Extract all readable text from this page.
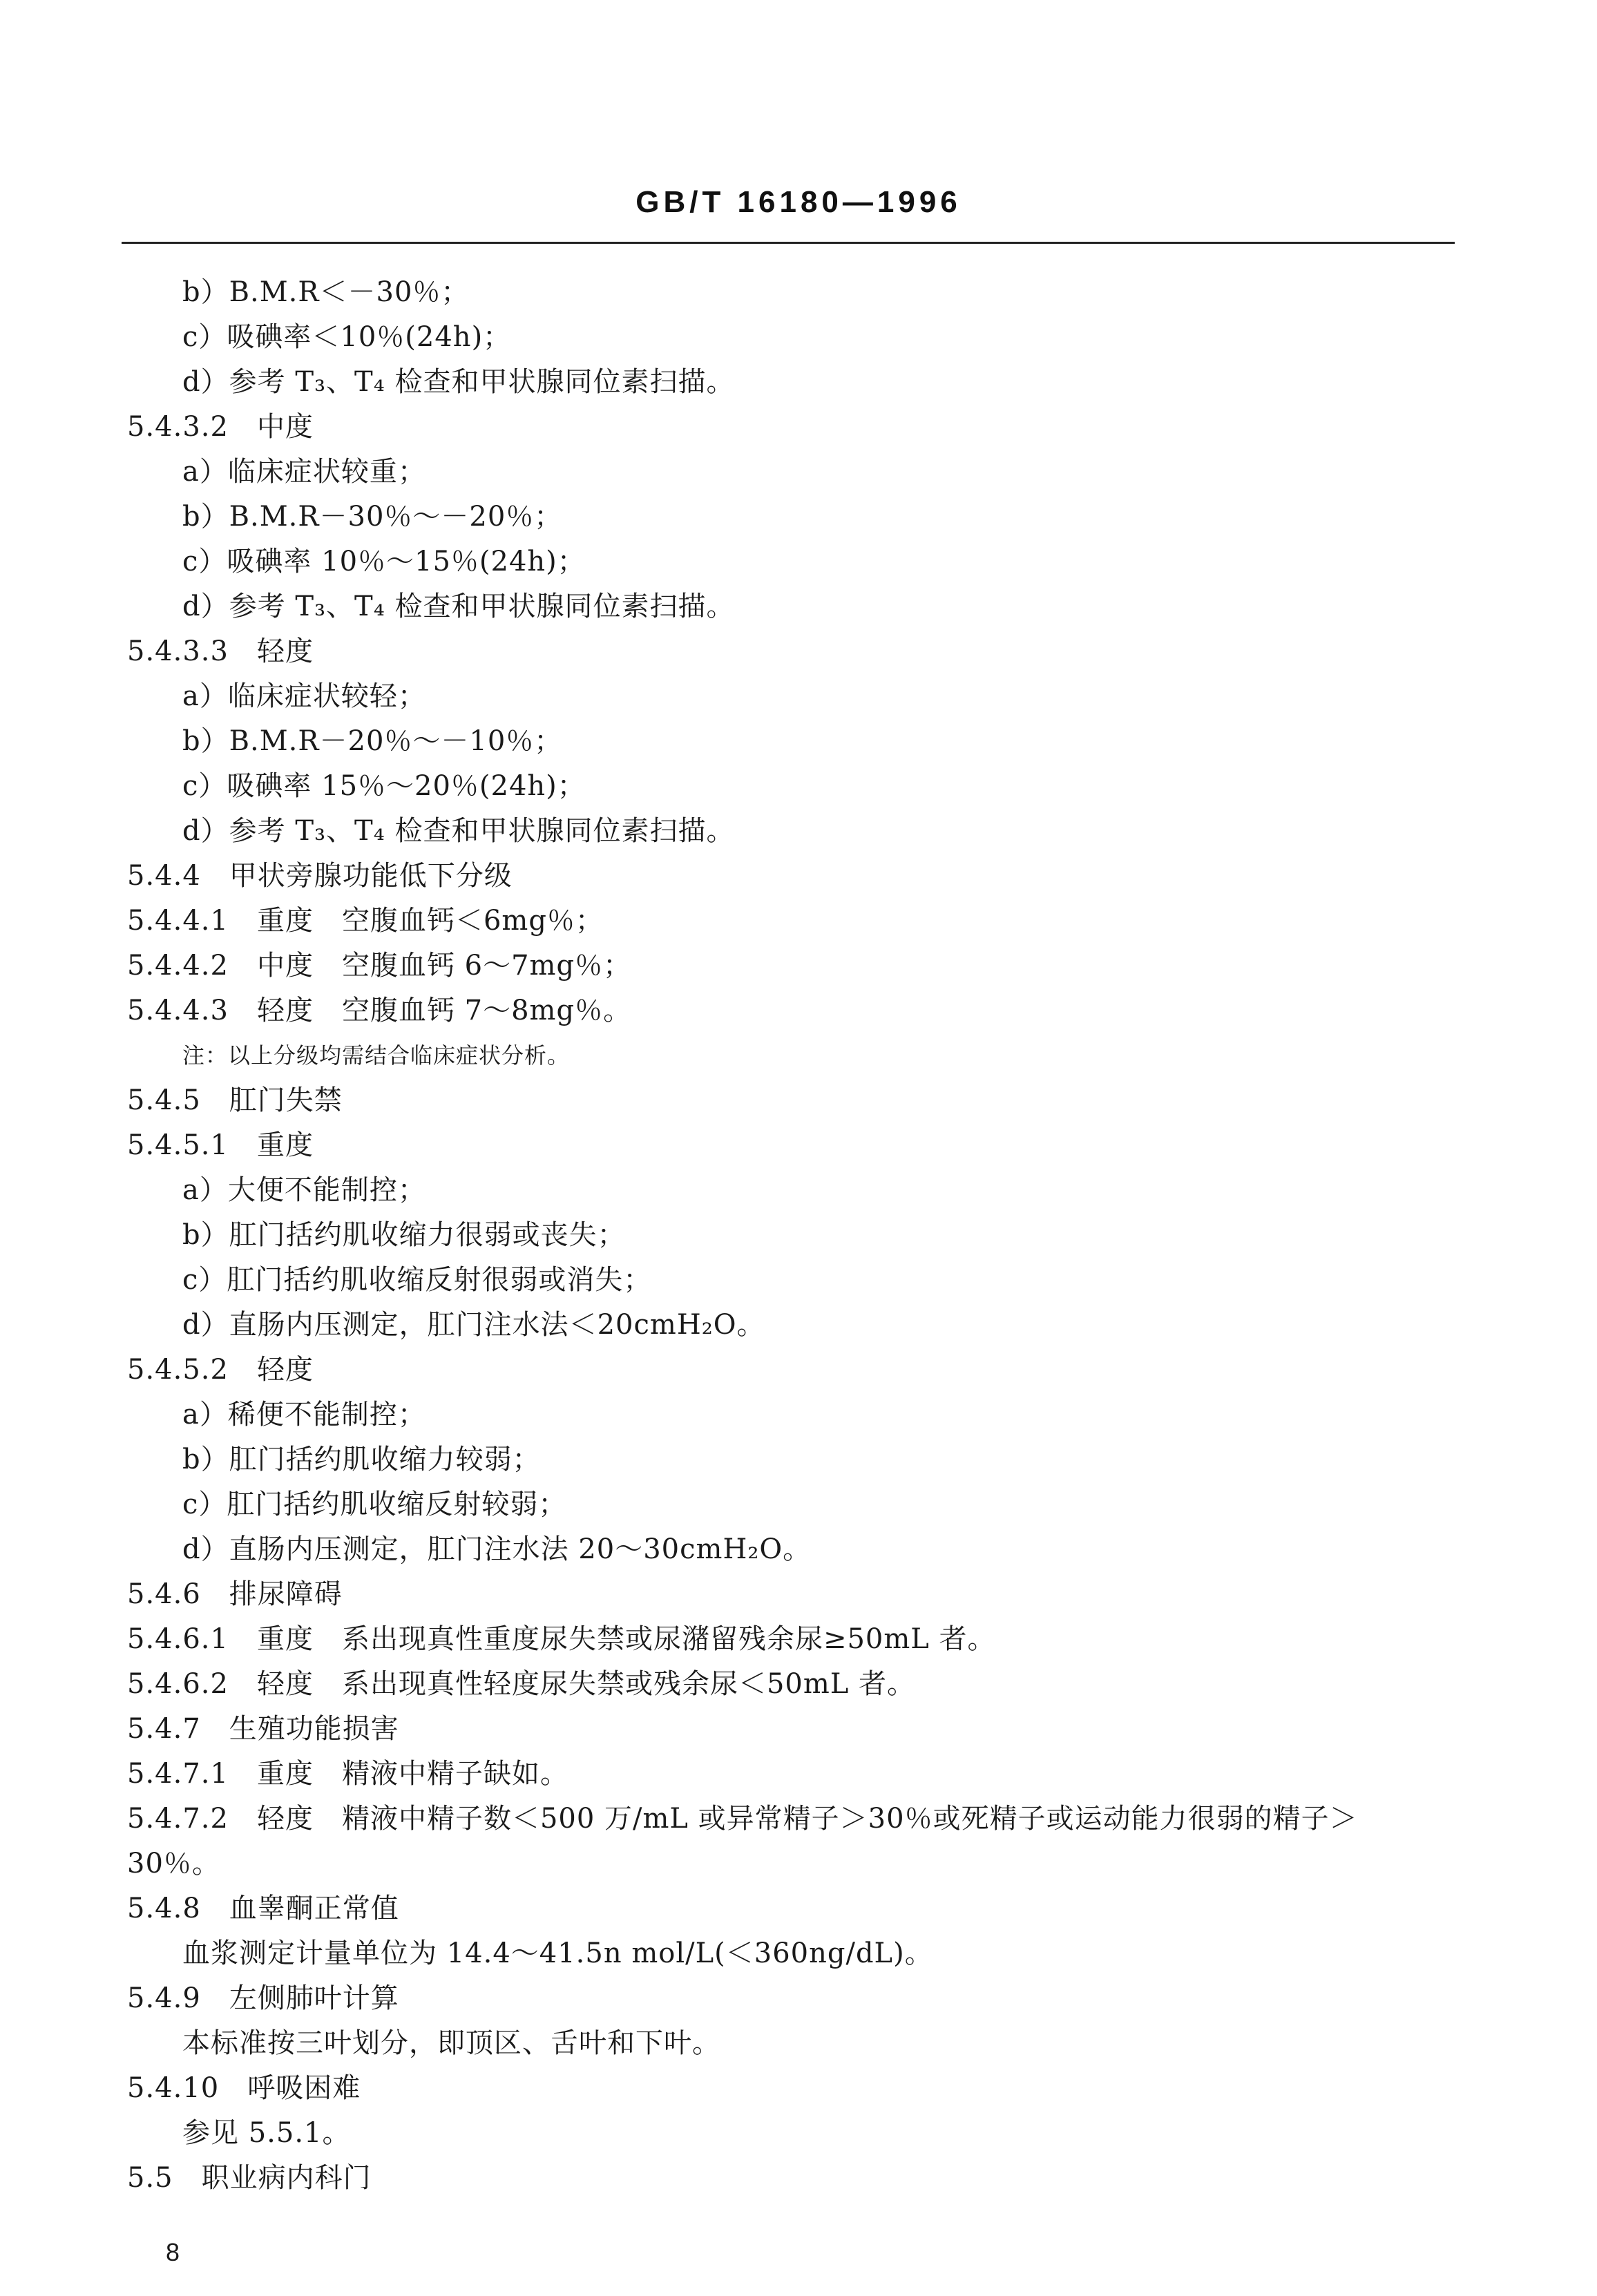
GB/T 16180—1996
b）B.M.R＜－30％；
c）吸碘率＜10％(24h)；
d）参考 T₃、T₄ 检查和甲状腺同位素扫描。
5.4.3.2　中度
a）临床症状较重；
b）B.M.R－30％～－20％；
c）吸碘率 10％～15％(24h)；
d）参考 T₃、T₄ 检查和甲状腺同位素扫描。
5.4.3.3　轻度
a）临床症状较轻；
b）B.M.R－20％～－10％；
c）吸碘率 15％～20％(24h)；
d）参考 T₃、T₄ 检查和甲状腺同位素扫描。
5.4.4　甲状旁腺功能低下分级
5.4.4.1　重度　空腹血钙＜6mg％；
5.4.4.2　中度　空腹血钙 6～7mg％；
5.4.4.3　轻度　空腹血钙 7～8mg％。
注：以上分级均需结合临床症状分析。
5.4.5　肛门失禁
5.4.5.1　重度
a）大便不能制控；
b）肛门括约肌收缩力很弱或丧失；
c）肛门括约肌收缩反射很弱或消失；
d）直肠内压测定，肛门注水法＜20cmH₂O。
5.4.5.2　轻度
a）稀便不能制控；
b）肛门括约肌收缩力较弱；
c）肛门括约肌收缩反射较弱；
d）直肠内压测定，肛门注水法 20～30cmH₂O。
5.4.6　排尿障碍
5.4.6.1　重度　系出现真性重度尿失禁或尿潴留残余尿≥50mL 者。
5.4.6.2　轻度　系出现真性轻度尿失禁或残余尿＜50mL 者。
5.4.7　生殖功能损害
5.4.7.1　重度　精液中精子缺如。
5.4.7.2　轻度　精液中精子数＜500 万/mL 或异常精子＞30％或死精子或运动能力很弱的精子＞
30％。
5.4.8　血睾酮正常值
血浆测定计量单位为 14.4～41.5n mol/L(＜360ng/dL)。
5.4.9　左侧肺叶计算
本标准按三叶划分，即顶区、舌叶和下叶。
5.4.10　呼吸困难
参见 5.5.1。
5.5　职业病内科门
8
